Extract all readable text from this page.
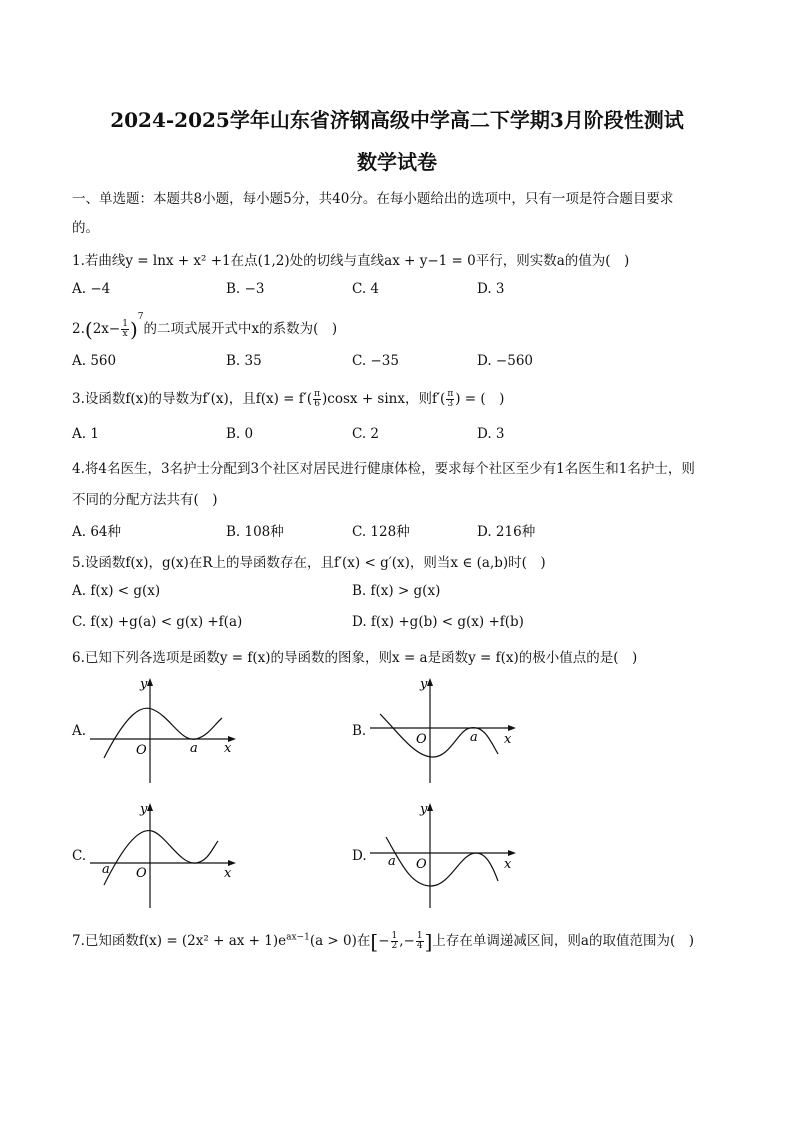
2024-2025学年山东省济钢高级中学高二下学期3月阶段性测试
数学试卷
一、单选题：本题共8小题，每小题5分，共40分。在每小题给出的选项中，只有一项是符合题目要求
的。
1.若曲线y = lnx + x² +1在点(1,2)处的切线与直线ax + y−1 = 0平行，则实数a的值为(　)
A. −4	B. −3	C. 4	D. 3
$2.(2x- \frac{1}{x} )^7$的二项式展开式中x的系数为(　)
A. 560	B. 35	C. −35	D. −560
3.设函数f(x)的导数为f′(x)，且$f(x) = f'( \frac{\pi}{6} )\cos x + \sin x$，则$f'( \frac{\pi}{3}$ ) = (　)
A. 1	B. 0	C. 2	D. 3
4.将4名医生，3名护士分配到3个社区对居民进行健康体检，要求每个社区至少有1名医生和1名护士，则
不同的分配方法共有(　)
A. 64种	B. 108种	C. 128种	D. 216种
5.设函数f(x)，g(x)在R上的导函数存在，且f′(x) < g′(x)，则当x ∈ (a,b)时(　)
A. f(x) < g(x)	B. f(x) > g(x)
C. f(x) +g(a) < g(x) +f(a)	D. f(x) +g(b) < g(x) +f(b)
6.已知下列各选项是函数y = f(x)的导函数的图象，则x = a是函数y = f(x)的极小值点的是(　)
A.
y
O	a x
B.
y
O	a x
C.
y
O
a	x
D.
y
O
a	x
7.已知函数f(x) = (2x² + ax + $1)e^{ax-1}(a > 0)$在[− $\frac{1}{2}$ ,− $\frac{1}{4}$ ]上存在单调递减区间，则a的取值范围为(　)
